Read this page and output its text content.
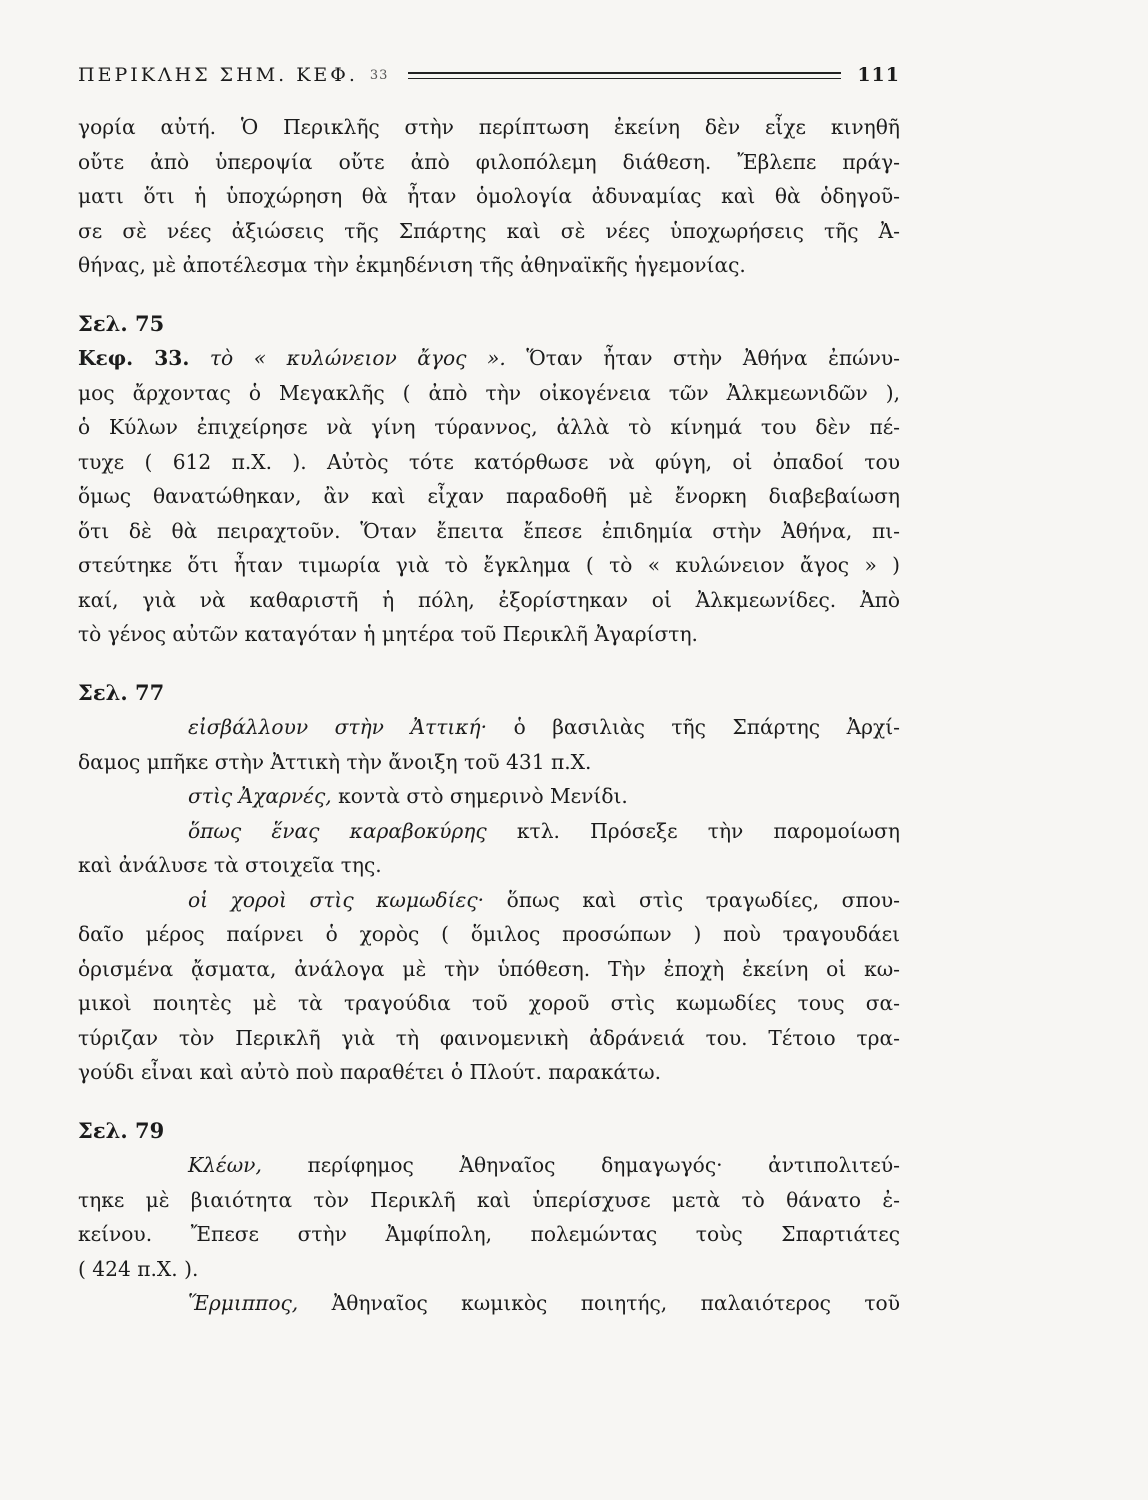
ΠΕΡΙΚΛΗΣ ΣΗΜ. ΚΕΦ. 33	111
γορία αὐτή. Ὁ Περικλῆς στὴν περίπτωση ἐκείνη δὲν εἶχε κινηθῆ
οὔτε ἀπὸ ὑπεροψία οὔτε ἀπὸ φιλοπόλεμη διάθεση. Ἔβλεπε πράγ-
ματι ὅτι ἡ ὑποχώρηση θὰ ἦταν ὁμολογία ἀδυναμίας καὶ θὰ ὁδηγοῦ-
σε σὲ νέες ἀξιώσεις τῆς Σπάρτης καὶ σὲ νέες ὑποχωρήσεις τῆς Ἀ-
θήνας, μὲ ἀποτέλεσμα τὴν ἐκμηδένιση τῆς ἀθηναϊκῆς ἡγεμονίας.
Σελ. 75
Κεφ. 33. τὸ « κυλώνειον ἄγος ». Ὅταν ἦταν στὴν Ἀθήνα ἐπώνυ-
μος ἄρχοντας ὁ Μεγακλῆς ( ἀπὸ τὴν οἰκογένεια τῶν Ἀλκμεωνιδῶν ),
ὁ Κύλων ἐπιχείρησε νὰ γίνη τύραννος, ἀλλὰ τὸ κίνημά του δὲν πέ-
τυχε ( 612 π.Χ. ). Αὐτὸς τότε κατόρθωσε νὰ φύγη, οἱ ὀπαδοί του
ὅμως θανατώθηκαν, ἂν καὶ εἶχαν παραδοθῆ μὲ ἔνορκη διαβεβαίωση
ὅτι δὲ θὰ πειραχτοῦν. Ὅταν ἔπειτα ἔπεσε ἐπιδημία στὴν Ἀθήνα, πι-
στεύτηκε ὅτι ἦταν τιμωρία γιὰ τὸ ἔγκλημα ( τὸ « κυλώνειον ἄγος » )
καί, γιὰ νὰ καθαριστῆ ἡ πόλη, ἐξορίστηκαν οἱ Ἀλκμεωνίδες. Ἀπὸ
τὸ γένος αὐτῶν καταγόταν ἡ μητέρα τοῦ Περικλῆ Ἀγαρίστη.
Σελ. 77
εἰσβάλλουν στὴν Ἀττική· ὁ βασιλιὰς τῆς Σπάρτης Ἀρχί-
δαμος μπῆκε στὴν Ἀττικὴ τὴν ἄνοιξη τοῦ 431 π.Χ.
στὶς Ἀχαρνές, κοντὰ στὸ σημερινὸ Μενίδι.
ὅπως ἕνας καραβοκύρης κτλ. Πρόσεξε τὴν παρομοίωση
καὶ ἀνάλυσε τὰ στοιχεῖα της.
οἱ χοροὶ στὶς κωμωδίες· ὅπως καὶ στὶς τραγωδίες, σπου-
δαῖο μέρος παίρνει ὁ χορὸς ( ὅμιλος προσώπων ) ποὺ τραγουδάει
ὁρισμένα ᾄσματα, ἀνάλογα μὲ τὴν ὑπόθεση. Τὴν ἐποχὴ ἐκείνη οἱ κω-
μικοὶ ποιητὲς μὲ τὰ τραγούδια τοῦ χοροῦ στὶς κωμωδίες τους σα-
τύριζαν τὸν Περικλῆ γιὰ τὴ φαινομενικὴ ἀδράνειά του. Τέτοιο τρα-
γούδι εἶναι καὶ αὐτὸ ποὺ παραθέτει ὁ Πλούτ. παρακάτω.
Σελ. 79
Κλέων, περίφημος Ἀθηναῖος δημαγωγός· ἀντιπολιτεύ-
τηκε μὲ βιαιότητα τὸν Περικλῆ καὶ ὑπερίσχυσε μετὰ τὸ θάνατο ἐ-
κείνου. Ἔπεσε στὴν Ἀμφίπολη, πολεμώντας τοὺς Σπαρτιάτες
( 424 π.Χ. ).
Ἕρμιππος, Ἀθηναῖος κωμικὸς ποιητής, παλαιότερος τοῦ
